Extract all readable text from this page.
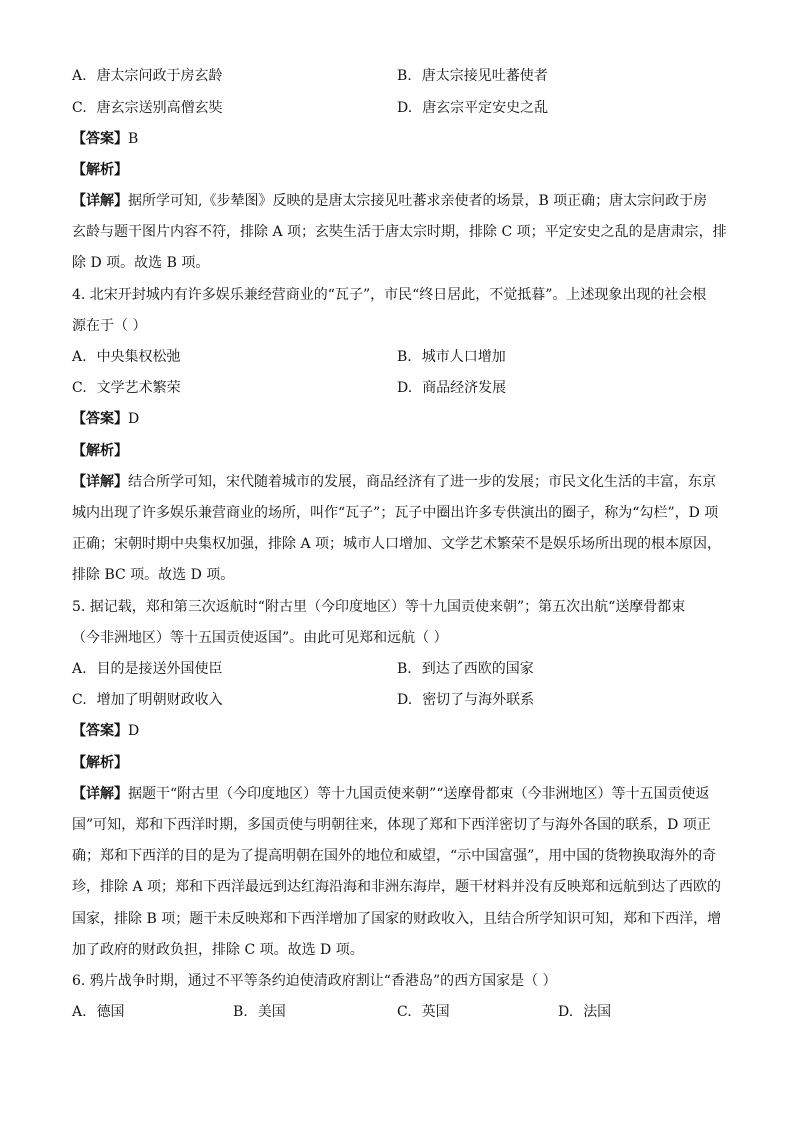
A. 唐太宗问政于房玄龄	B. 唐太宗接见吐蕃使者
C. 唐玄宗送别高僧玄奘	D. 唐玄宗平定安史之乱
【答案】B
【解析】
【详解】据所学可知,《步辇图》反映的是唐太宗接见吐蕃求亲使者的场景，B 项正确；唐太宗问政于房
玄龄与题干图片内容不符，排除 A 项；玄奘生活于唐太宗时期，排除 C 项；平定安史之乱的是唐肃宗，排
除 D 项。故选 B 项。
4. 北宋开封城内有许多娱乐兼经营商业的“瓦子”，市民“终日居此，不觉抵暮”。上述现象出现的社会根
源在于（ ）
A. 中央集权松弛	B. 城市人口增加
C. 文学艺术繁荣	D. 商品经济发展
【答案】D
【解析】
【详解】结合所学可知，宋代随着城市的发展，商品经济有了进一步的发展；市民文化生活的丰富，东京
城内出现了许多娱乐兼营商业的场所，叫作“瓦子”；瓦子中圈出许多专供演出的圈子，称为“勾栏”，D 项
正确；宋朝时期中央集权加强，排除 A 项；城市人口增加、文学艺术繁荣不是娱乐场所出现的根本原因，
排除 BC 项。故选 D 项。
5. 据记载，郑和第三次返航时“附古里（今印度地区）等十九国贡使来朝”；第五次出航“送摩骨都束
（今非洲地区）等十五国贡使返国”。由此可见郑和远航（ ）
A. 目的是接送外国使臣	B. 到达了西欧的国家
C. 增加了明朝财政收入	D. 密切了与海外联系
【答案】D
【解析】
【详解】据题干“附古里（今印度地区）等十九国贡使来朝”“送摩骨都束（今非洲地区）等十五国贡使返
国”可知，郑和下西洋时期，多国贡使与明朝往来，体现了郑和下西洋密切了与海外各国的联系，D 项正
确；郑和下西洋的目的是为了提高明朝在国外的地位和威望，“示中国富强”，用中国的货物换取海外的奇
珍，排除 A 项；郑和下西洋最远到达红海沿海和非洲东海岸，题干材料并没有反映郑和远航到达了西欧的
国家，排除 B 项；题干未反映郑和下西洋增加了国家的财政收入，且结合所学知识可知，郑和下西洋，增
加了政府的财政负担，排除 C 项。故选 D 项。
6. 鸦片战争时期，通过不平等条约迫使清政府割让“香港岛”的西方国家是（ ）
A. 德国	B. 美国	C. 英国	D. 法国
